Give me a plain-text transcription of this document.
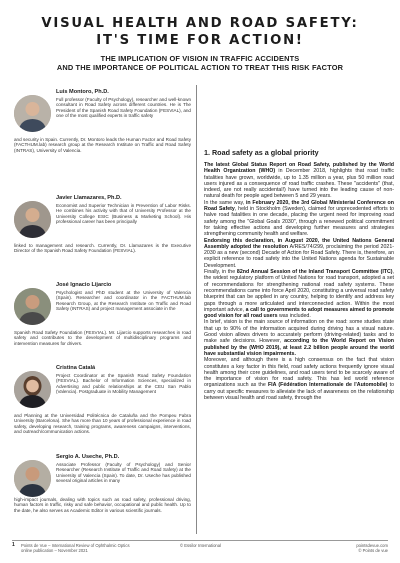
VISUAL HEALTH AND ROAD SAFETY:
IT'S TIME FOR ACTION!
THE IMPLICATION OF VISION IN TRAFFIC ACCIDENTS
AND THE IMPORTANCE OF POLITICAL ACTION TO TREAT THIS RISK FACTOR
Luis Montoro, Ph.D.
Full professor (Faculty of Psychology), researcher and well-known consultant in Road Safety across different countries. He is The President of the Spanish Road Safety Foundation (FESVIAL), and one of the most qualified experts in traffic safety
and security in Spain. Currently, Dr. Montoro leads the Human Factor and Road Safety (FACTHUM.lab) research group at the Research Institute on Traffic and Road Safety (INTRAS), University of Valencia.
Javier Llamazares, Ph.D.
Economist and Superior Technician in Prevention of Labor Risks. He combines his activity with that of University Professor at the University College ESIC (Business & Marketing School). His professional career has been principally
linked to management and research. Currently, Dr. Llamazares is the Executive Director of the Spanish Road Safety Foundation (FESVIAL).
José Ignacio Lijarcio
Psychologist and PhD student at the University of Valencia (Spain). Researcher and coordinator in the FACTHUM.lab Research Group, at the Research Institute on Traffic and Road Safety (INTRAS) and project management associate in the
Spanish Road Safety Foundation (FESVIAL). Mr. Lijarcio supports researches in road safety and contributes to the development of multidisciplinary programs and intervention measures for drivers.
Cristina Catalá
Project Coordinator at the Spanish Road Safety Foundation (FESVIAL). Bachelor of Information Sciences, specialized in Advertising and public relationships at the CEU San Pablo (Valencia). Postgraduate in Mobility Management
and Planning at the Universidad Politécnica de Cataluña and the Pompeu Fabra University (Barcelona). She has more than 10 years of professional experience in road safety, developing research, training programs, awareness campaigns, interventions, and outreach/communication actions.
Sergio A. Useche, Ph.D.
Associate Professor (Faculty of Psychology) and Senior Researcher (Research Institute of Traffic and Road Safety) at the University of Valencia (Spain). To date, Dr. Useche has published several original articles in many
high-impact journals, dealing with topics such as road safety, professional driving, human factors in traffic, risky and safe behavior, occupational and public health. Up to the date, he also serves as Academic Editor in various scientific journals.
1. Road safety as a global priority

The latest Global Status Report on Road Safety, published by the World Health Organization (WHO) in December 2018, highlights that road traffic fatalities have grown, worldwide, up to 1.35 million a year, plus 50 million road users injured as a consequence of road traffic crashes. These "accidents" (that, indeed, are not really accidental!) have turned into the leading cause of non-natural death for people aged between 5 and 29 years.

In the same way, in February 2020, the 3rd Global Ministerial Conference on Road Safety, held in Stockholm (Sweden), claimed for unprecedented efforts to halve road fatalities in one decade, placing the urgent need for improving road safety among the "Global Goals 2030", through a renewed political commitment for taking effective actions and developing further measures and strategies strengthening community health and welfare.

Endorsing this declaration, in August 2020, the United Nations General Assembly adopted the resolution A/RES/74/299, proclaiming the period 2021-2030 as a new (second) Decade of Action for Road Safety. There is, therefore, an explicit reference to road safety into the United Nations agenda for Sustainable Development.

Finally, in the 82nd Annual Session of the Inland Transport Committee (ITC), the widest regulatory platform of United Nations for road transport, adopted a set of recommendations for strengthening national road safety systems. These recommendations came into force April 2020, constituting a universal road safety blueprint that can be applied in any country, helping to identify and address key gaps through a more articulated and interconnected action. Within the most important advice, a call to governments to adopt measures aimed to promote good vision for all road users was included.

In brief, vision is the main source of information on the road: some studies state that up to 90% of the information acquired during driving has a visual nature. Good vision allows drivers to accurately perform (driving-related) tasks and to make safe decisions. However, according to the World Report on Vision published by the (WHO 2019), at least 2.2 billion people around the world have substantial vision impairments.

Moreover, and although there is a high consensus on the fact that vision constitutes a key factor in this field, road safety actions frequently ignore visual health among their core guidelines, and road users tend to be scarcely aware of the importance of vision for road safety. This has led world reference organizations such as the FIA (Fédération Internationale de l'Automobile) to carry out specific measures to alleviate the lack of awareness on the relationship between visual health and road safety, through the

1 Points de Vue – International Review of Ophthalmic Optics
online publication – November 2021
© Essilor International	pointsdevue.com
© Points de vue
